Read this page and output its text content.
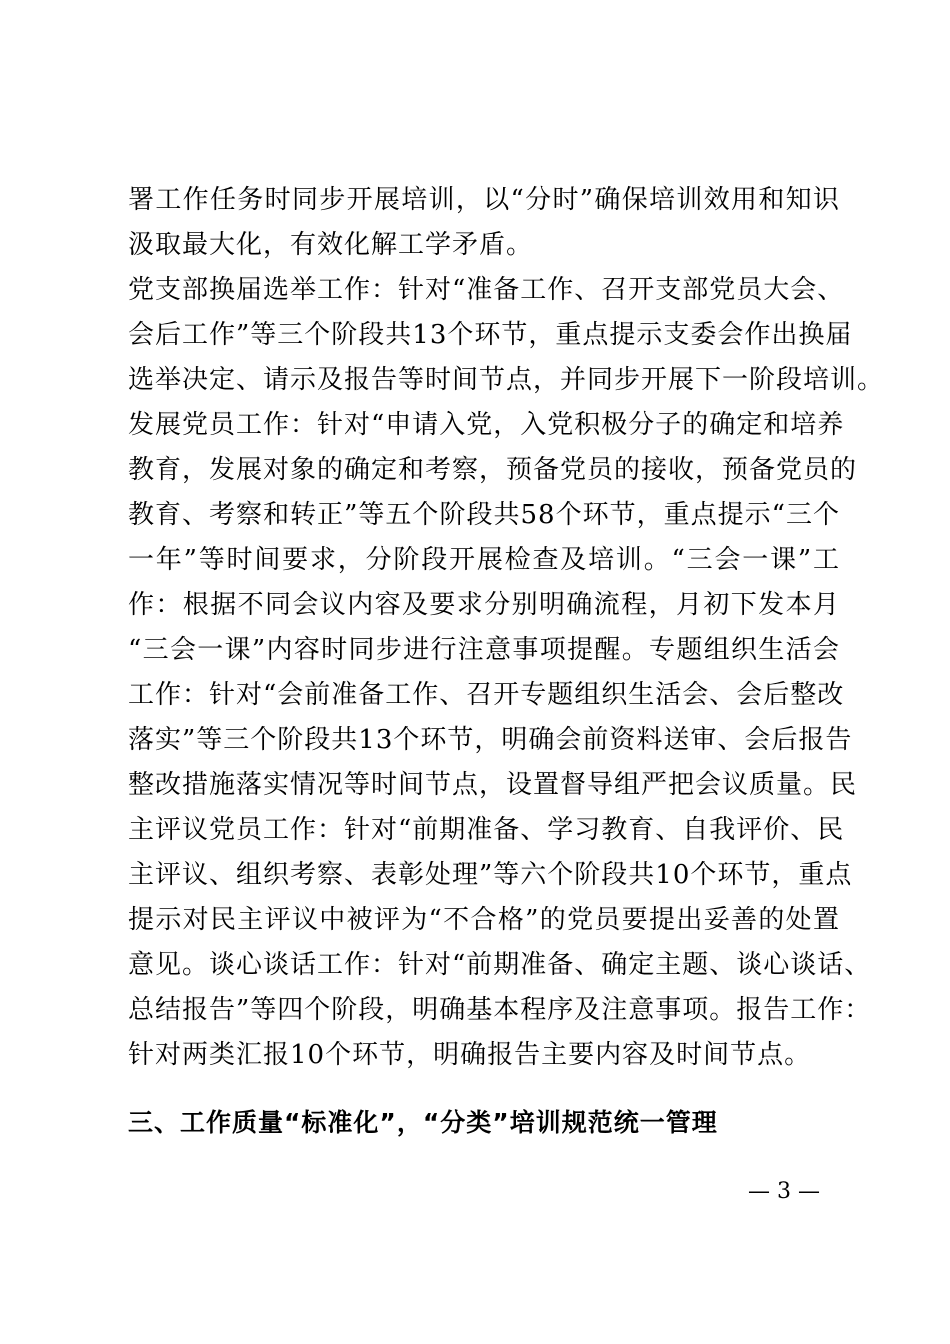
署工作任务时同步开展培训，以“分时”确保培训效用和知识
汲取最大化，有效化解工学矛盾。
党支部换届选举工作：针对“准备工作、召开支部党员大会、
会后工作”等三个阶段共13个环节，重点提示支委会作出换届
选举决定、请示及报告等时间节点，并同步开展下一阶段培训。
发展党员工作：针对“申请入党，入党积极分子的确定和培养
教育，发展对象的确定和考察，预备党员的接收，预备党员的
教育、考察和转正”等五个阶段共58个环节，重点提示“三个
一年”等时间要求，分阶段开展检查及培训。“三会一课”工
作：根据不同会议内容及要求分别明确流程，月初下发本月
“三会一课”内容时同步进行注意事项提醒。专题组织生活会
工作：针对“会前准备工作、召开专题组织生活会、会后整改
落实”等三个阶段共13个环节，明确会前资料送审、会后报告
整改措施落实情况等时间节点，设置督导组严把会议质量。民
主评议党员工作：针对“前期准备、学习教育、自我评价、民
主评议、组织考察、表彰处理”等六个阶段共10个环节，重点
提示对民主评议中被评为“不合格”的党员要提出妥善的处置
意见。谈心谈话工作：针对“前期准备、确定主题、谈心谈话、
总结报告”等四个阶段，明确基本程序及注意事项。报告工作：
针对两类汇报10个环节，明确报告主要内容及时间节点。
三、工作质量“标准化”，“分类”培训规范统一管理
— 3 —
